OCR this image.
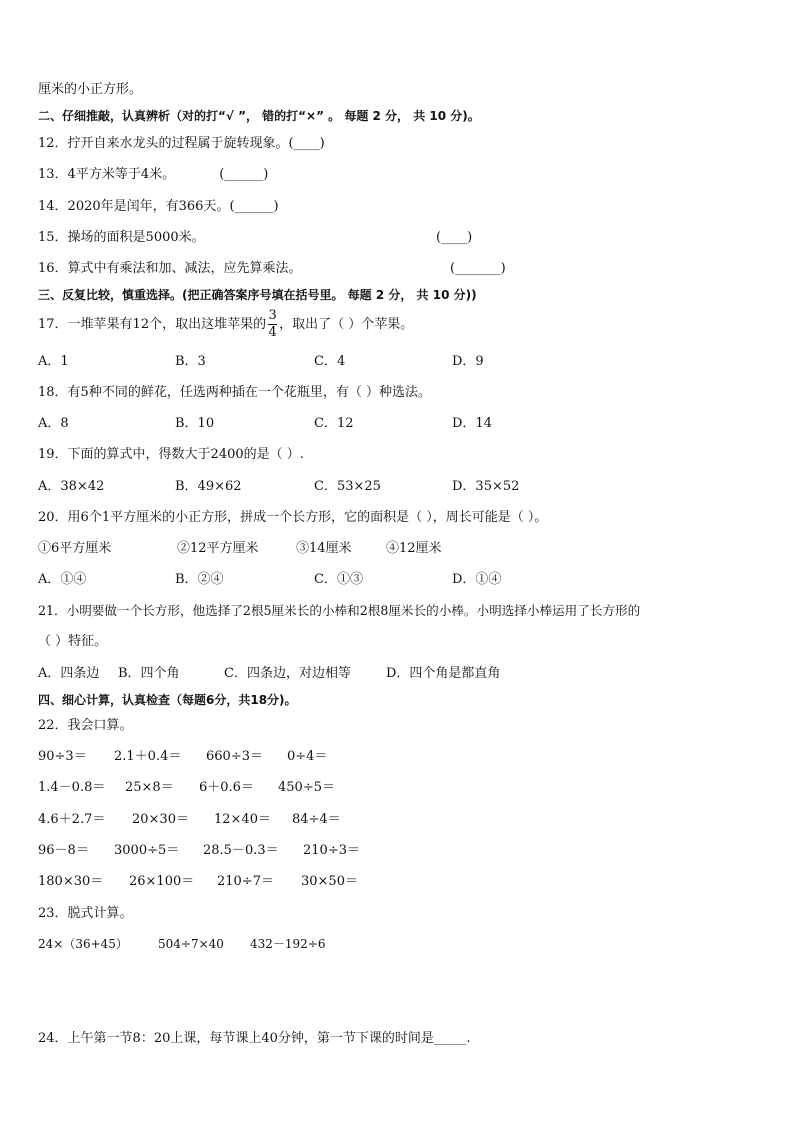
厘米的小正方形。
二、仔细推敲，认真辨析（对的打“√ ”， 错的打“×” 。 每题 2 分， 共 10 分)。
12．拧开自来水龙头的过程属于旋转现象。(____)
13．4平方米等于4米。	(______)
14．2020年是闰年，有366天。(______)
15．操场的面积是5000米。	(____)
16．算式中有乘法和加、减法，应先算乘法。	(_______)
三、反复比较，慎重选择。(把正确答案序号填在括号里。 每题 2 分， 共 10 分))
17．一堆苹果有12个，取出这堆苹果的 $\frac{3}{4}$ ，取出了（ ）个苹果。
A．1	B．3	C．4	D．9
18．有5种不同的鲜花，任选两种插在一个花瓶里，有（ ）种选法。
A．8	B．10	C．12	D．14
19．下面的算式中，得数大于2400的是（ ）.
A．38×42	B．49×62	C．53×25	D．35×52
20．用6个1平方厘米的小正方形，拼成一个长方形，它的面积是（ ），周长可能是（ ）。
①6平方厘米	②12平方厘米	③14厘米	④12厘米
A．①④	B．②④	C．①③	D．①④
21．小明要做一个长方形，他选择了2根5厘米长的小棒和2根8厘米长的小棒。小明选择小棒运用了长方形的
（ ）特征。
A．四条边 B．四个角	C．四条边，对边相等	D．四个角是都直角
四、细心计算，认真检查（每题6分，共18分)。
22．我会口算。
90÷3＝ 2.1＋0.4＝ 660÷3＝ 0÷4＝
1.4－0.8＝ 25×8＝ 6＋0.6＝ 450÷5＝
4.6＋2.7＝ 20×30＝ 12×40＝ 84÷4＝
96－8＝ 3000÷5＝ 28.5－0.3＝ 210÷3＝
180×30＝ 26×100＝ 210÷7＝ 30×50＝
23．脱式计算。
24×（36+45）	504÷7×40 432－192÷6
24．上午第一节8：20上课，每节课上40分钟，第一节下课的时间是_____.
